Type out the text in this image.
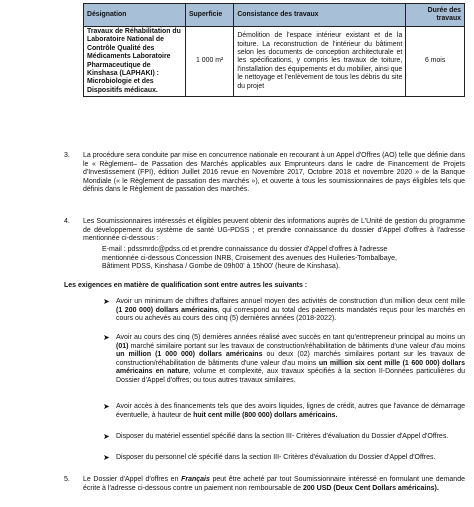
Désignation	Superficie	Consistance des travaux	Durée des travaux
Travaux de Réhabilitation du Laboratoire National de Contrôle Qualité des Médicaments Laboratoire Pharmaceutique de Kinshasa (LAPHAKI) : Microbiologie et des Dispositifs médicaux.	1 000 m²	Démolition de l'espace intérieur existant et de la toiture. La reconstruction de l'intérieur du bâtiment selon les documents de conception architecturale et les spécifications, y compris les travaux de toiture, l'installation des équipements et du mobilier, ainsi que le nettoyage et l'enlèvement de tous les débris du site du projet	6 mois
3. La procédure sera conduite par mise en concurrence nationale en recourant à un Appel d'Offres (AO) telle que définie dans le « Règlement– de Passation des Marchés applicables aux Emprunteurs dans le cadre de Financement de Projets d'Investissement (FPI), édition Juillet 2016 revue en Novembre 2017, Octobre 2018 et novembre 2020 » de la Banque Mondiale (« le Règlement de passation des marchés »), et ouverte à tous les soumissionnaires de pays éligibles tels que définis dans le Règlement de passation des marchés.
4. Les Soumissionnaires intéressés et éligibles peuvent obtenir des informations auprès de L'Unité de gestion du programme de développement du système de santé UG-PDSS ; et prendre connaissance du dossier d'Appel d'offres à l'adresse mentionnée ci-dessous :
E-mail : pdssmrdc@pdss.cd et prendre connaissance du dossier d'Appel d'offres à l'adresse
mentionnée ci-dessous Concession INRB, Croisement des avenues des Huileries-Tombalbaye,
Bâtiment PDSS, Kinshasa / Gombe de 09h00' à 15h00' (heure de Kinshasa).
Les exigences en matière de qualification sont entre autres les suivants :
➤ Avoir un minimum de chiffres d'affaires annuel moyen des activités de construction d'un million deux cent mille (1 200 000) dollars américains, qui correspond au total des paiements mandatés reçus pour les marchés en cours ou achevés au cours des cinq (5) dernières années (2018-2022).
➤ Avoir au cours des cinq (5) dernières années réalisé avec succès en tant qu'entrepreneur principal au moins un (01) marché similaire portant sur les travaux de construction/réhabilitation de bâtiments d'une valeur d'au moins un million (1 000 000) dollars américains ou deux (02) marchés similaires portant sur les travaux de construction/réhabilitation de bâtiments d'une valeur d'au moins un million six cent mille (1 600 000) dollars américains en nature, volume et complexité, aux travaux spécifiés à la section II-Données particulières du Dossier d'Appel d'offres; ou tous autres travaux similaires.
➤ Avoir accès à des financements tels que des avoirs liquides, lignes de crédit, autres que l'avance de démarrage éventuelle, à hauteur de huit cent mille (800 000) dollars américains.
➤ Disposer du matériel essentiel spécifié dans la section III- Critères d'évaluation du Dossier d'Appel d'Offres.
➤ Disposer du personnel clé spécifié dans la section III- Critères d'évaluation du Dossier d'Appel d'Offres.
5. Le Dossier d'Appel d'offres en Français peut être acheté par tout Soumissionnaire intéressé en formulant une demande écrite à l'adresse ci-dessous contre un paiement non remboursable de 200 USD (Deux Cent Dollars américains).
